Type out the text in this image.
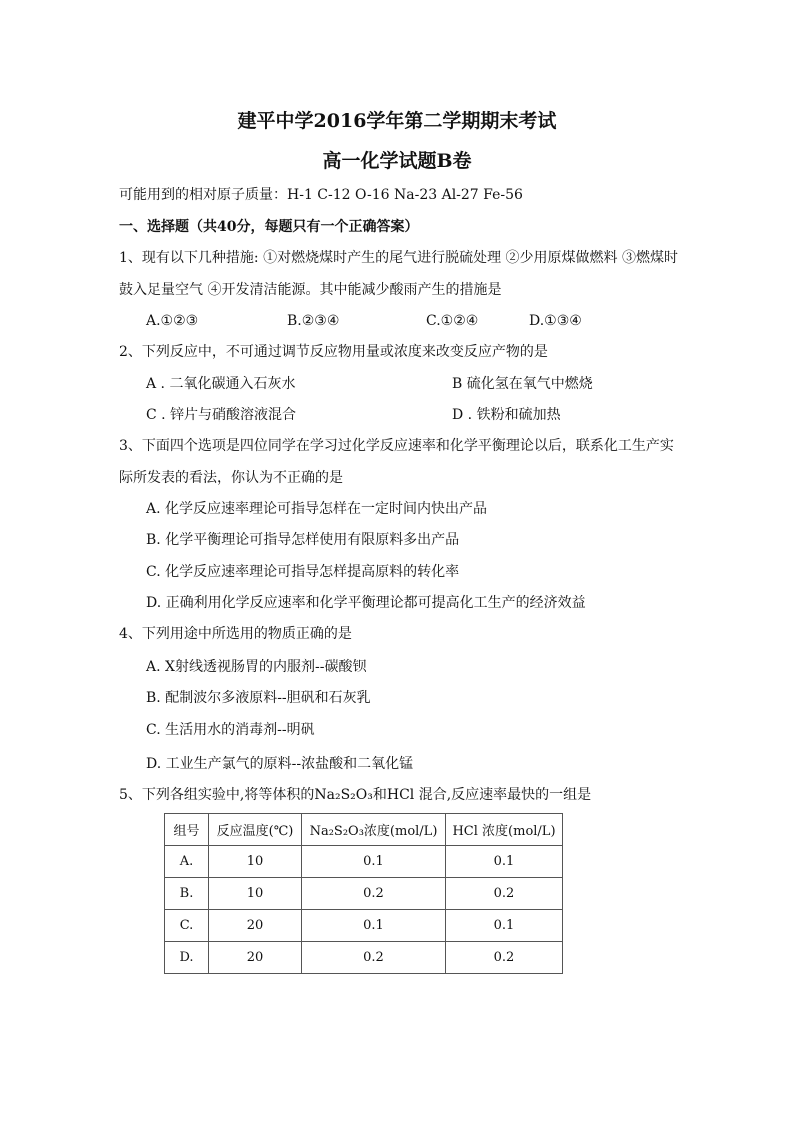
建平中学2016学年第二学期期末考试
高一化学试题B卷
可能用到的相对原子质量：H-1 C-12 O-16 Na-23 Al-27 Fe-56
一、选择题（共40分，每题只有一个正确答案）
1、现有以下几种措施: ①对燃烧煤时产生的尾气进行脱硫处理 ②少用原煤做燃料 ③燃煤时
鼓入足量空气 ④开发清洁能源。其中能减少酸雨产生的措施是
A.①②③	B.②③④	C.①②④	D.①③④
2、下列反应中，不可通过调节反应物用量或浓度来改变反应产物的是
A . 二氧化碳通入石灰水	B 硫化氢在氧气中燃烧
C . 锌片与硝酸溶液混合	D . 铁粉和硫加热
3、下面四个选项是四位同学在学习过化学反应速率和化学平衡理论以后，联系化工生产实
际所发表的看法，你认为不正确的是
A. 化学反应速率理论可指导怎样在一定时间内快出产品
B. 化学平衡理论可指导怎样使用有限原料多出产品
C. 化学反应速率理论可指导怎样提高原料的转化率
D. 正确利用化学反应速率和化学平衡理论都可提高化工生产的经济效益
4、下列用途中所选用的物质正确的是
A. X射线透视肠胃的内服剂--碳酸钡
B. 配制波尔多液原料--胆矾和石灰乳
C. 生活用水的消毒剂--明矾
D. 工业生产氯气的原料--浓盐酸和二氧化锰
5、下列各组实验中,将等体积的Na₂S₂O₃和HCl 混合,反应速率最快的一组是
组号	反应温度(℃)	Na₂S₂O₃浓度(mol/L)	HCl 浓度(mol/L)
A.	10	0.1	0.1
B.	10	0.2	0.2
C.	20	0.1	0.1
D.	20	0.2	0.2
